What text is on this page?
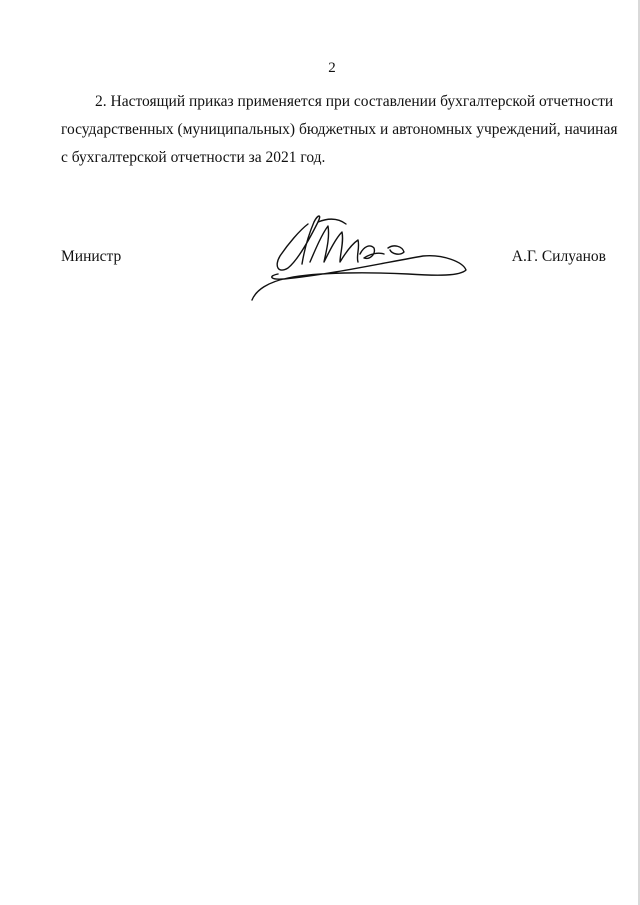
2

2. Настоящий приказ применяется при составлении бухгалтерской отчетности
государственных (муниципальных) бюджетных и автономных учреждений, начиная
с бухгалтерской отчетности за 2021 год.

Министр	А.Г. Силуанов
